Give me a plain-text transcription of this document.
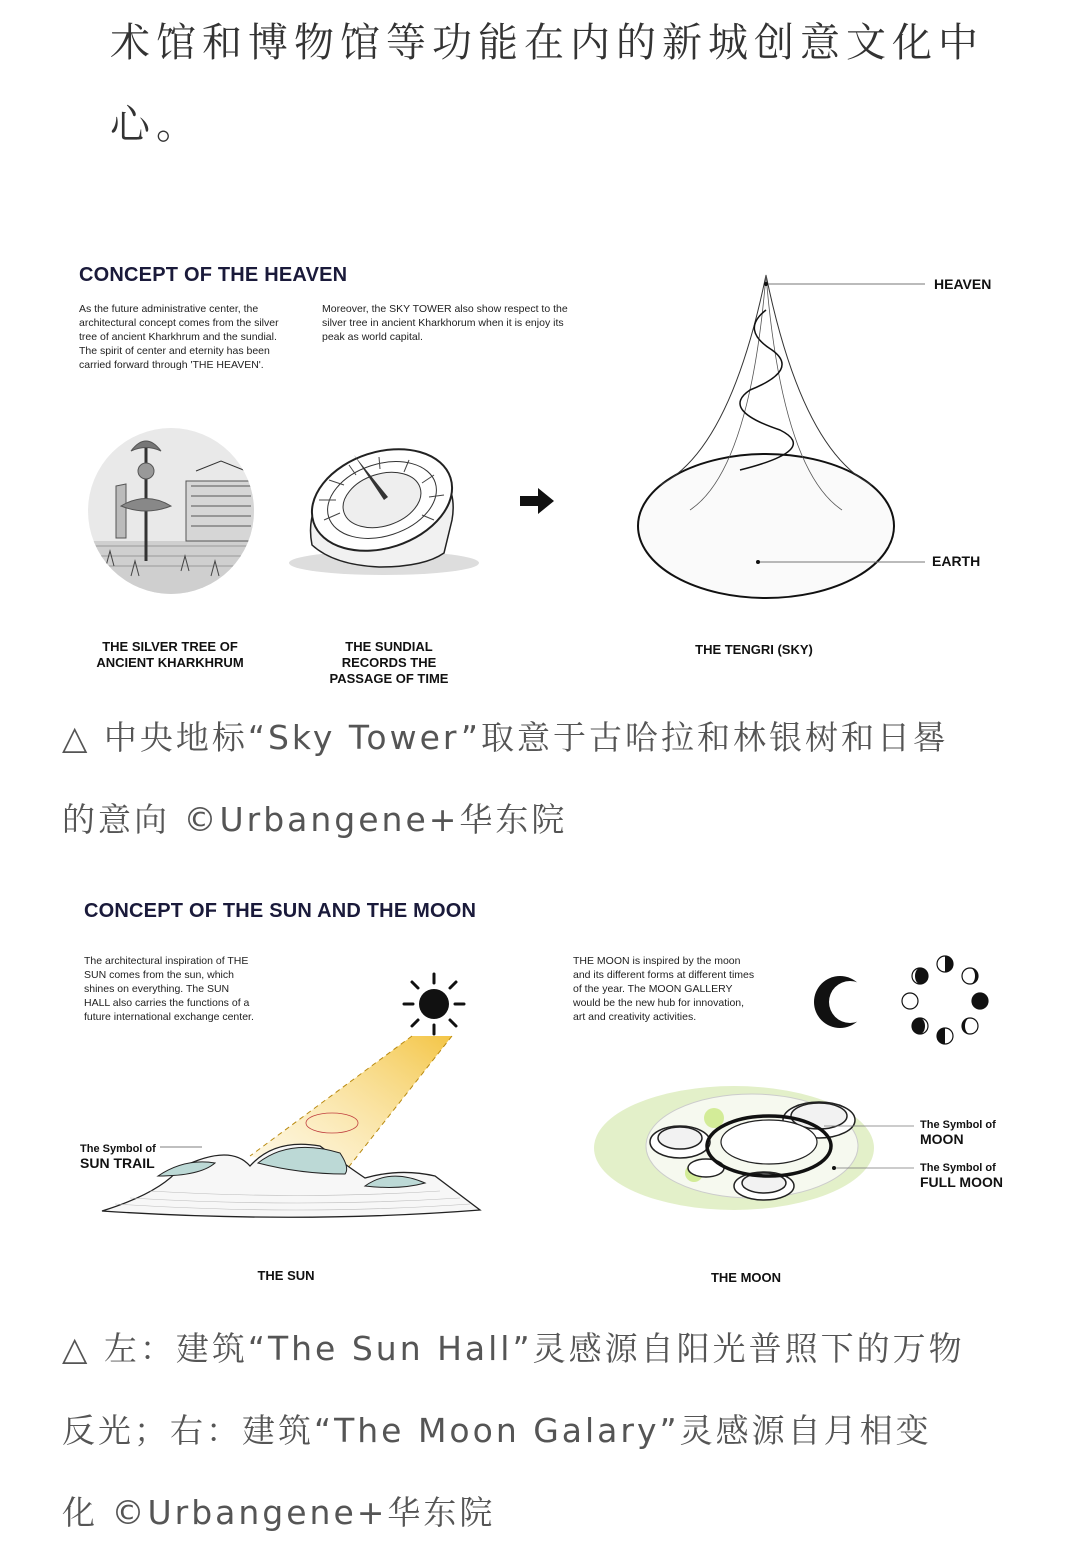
术馆和博物馆等功能在内的新城创意文化中
心。
CONCEPT OF THE HEAVEN
As the future administrative center, the architectural concept comes from the silver tree of ancient Kharkhrum and the sundial. The spirit of center and eternity has been carried forward through 'THE HEAVEN'.
Moreover, the SKY TOWER also show respect to the silver tree in ancient Kharkhorum when it is enjoy its peak as world capital.
HEAVEN
EARTH
THE SILVER TREE OF
ANCIENT KHARKHRUM
THE SUNDIAL
RECORDS THE
PASSAGE OF TIME
THE TENGRI (SKY)
△ 中央地标“Sky Tower”取意于古哈拉和林银树和日晷
的意向 ©Urbangene+华东院
CONCEPT OF THE SUN AND THE MOON
The architectural inspiration of THE SUN comes from the sun, which shines on everything. The SUN HALL also carries the functions of a future international exchange center.
THE MOON is inspired by the moon and its different forms at different times of the year. The MOON GALLERY would be the new hub for innovation, art and creativity activities.
The Symbol of
SUN TRAIL
The Symbol of
MOON
The Symbol of
FULL MOON
THE SUN	THE MOON
△ 左：建筑“The Sun Hall”灵感源自阳光普照下的万物
反光；右：建筑“The Moon Galary”灵感源自月相变
化 ©Urbangene+华东院
